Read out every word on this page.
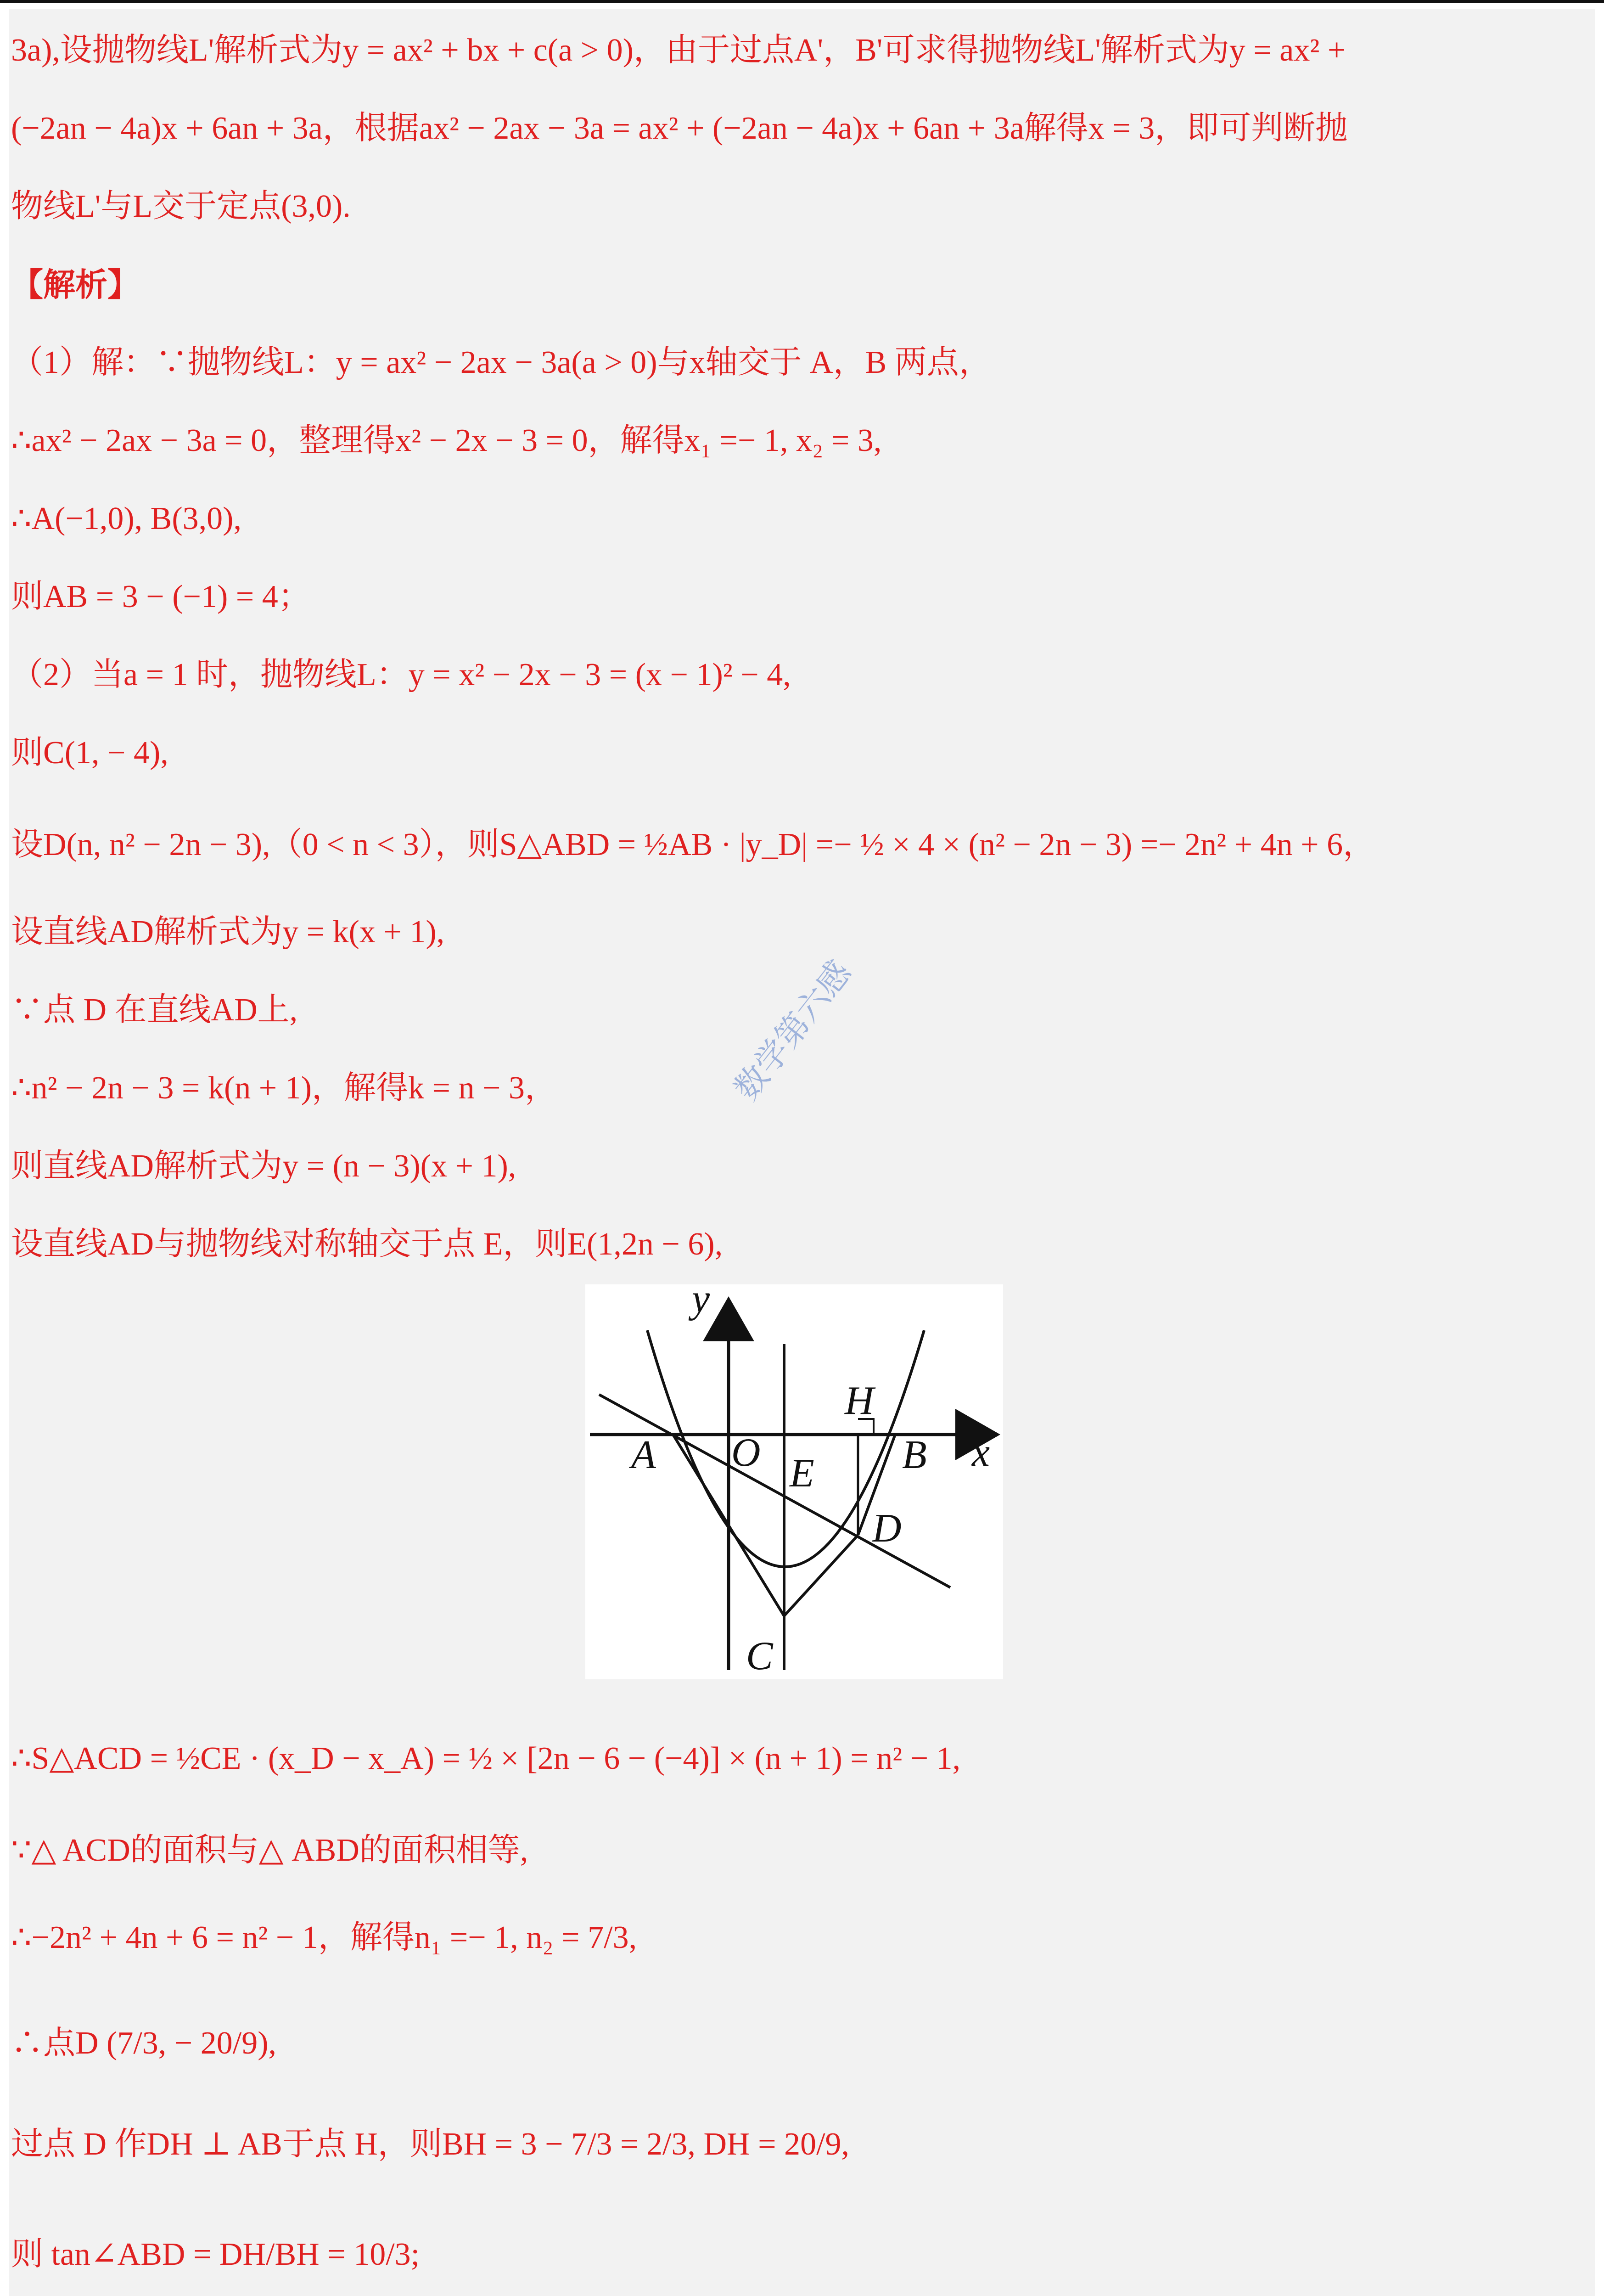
3a),设抛物线L'解析式为y = ax² + bx + c(a > 0)，由于过点A'，B'可求得抛物线L'解析式为y = ax² +
(−2an − 4a)x + 6an + 3a，根据ax² − 2ax − 3a = ax² + (−2an − 4a)x + 6an + 3a解得x = 3，即可判断抛
物线L'与L交于定点(3,0).
【解析】
（1）解：∵抛物线L：y = ax² − 2ax − 3a(a > 0)与x轴交于 A，B 两点，
∴ax² − 2ax − 3a = 0，整理得x² − 2x − 3 = 0，解得x₁ =− 1, x₂ = 3,
∴A(−1,0), B(3,0),
则AB = 3 − (−1) = 4；
（2）当a = 1 时，抛物线L：y = x² − 2x − 3 = (x − 1)² − 4,
则C(1, − 4),
设D(n, n² − 2n − 3),（0 < n < 3），则S△ABD = ½AB · |y_D| =− ½ × 4 × (n² − 2n − 3) =− 2n² + 4n + 6，
设直线AD解析式为y = k(x + 1),
∵点 D 在直线AD上,
∴n² − 2n − 3 = k(n + 1)，解得k = n − 3，
则直线AD解析式为y = (n − 3)(x + 1),
设直线AD与抛物线对称轴交于点 E，则E(1,2n − 6),
数学第六感
∴S△ACD = ½CE · (x_D − x_A) = ½ × [2n − 6 − (−4)] × (n + 1) = n² − 1,
∵△ ACD的面积与△ ABD的面积相等,
∴−2n² + 4n + 6 = n² − 1，解得n₁ =− 1, n₂ = 7/3,
∴点D (7/3, − 20/9),
过点 D 作DH ⊥ AB于点 H，则BH = 3 − 7/3 = 2/3, DH = 20/9,
则 tan∠ABD = DH/BH = 10/3;
y
x
H
A O	B
E
D
C
